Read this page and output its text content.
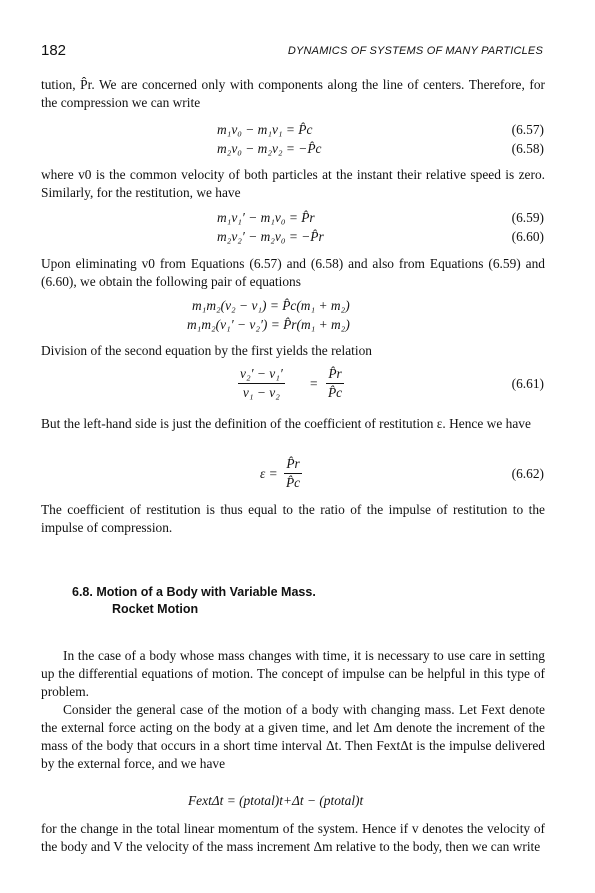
182	DYNAMICS OF SYSTEMS OF MANY PARTICLES
tution, P̂r. We are concerned only with components along the line of centers. Therefore, for the compression we can write
m₁v₀ − m₁v₁ = P̂c	(6.57)
m₂v₀ − m₂v₂ = −P̂c	(6.58)
where v0 is the common velocity of both particles at the instant their relative speed is zero. Similarly, for the restitution, we have
m₁v₁′ − m₁v₀ = P̂r	(6.59)
m₂v₂′ − m₂v₀ = −P̂r	(6.60)
Upon eliminating v0 from Equations (6.57) and (6.58) and also from Equations (6.59) and (6.60), we obtain the following pair of equations
m₁m₂(v₂ − v₁) = P̂c(m₁ + m₂)
m₁m₂(v₁′ − v₂′) = P̂r(m₁ + m₂)
Division of the second equation by the first yields the relation
$\frac{\text{v₂′ − v₁′}}{\text{v₁ − v₂}} = \frac{P̂r}{P̂c}$	(6.61)
But the left-hand side is just the definition of the coefficient of restitution ε. Hence we have
$\varepsilon = \frac{P̂r}{P̂c}$	(6.62)
The coefficient of restitution is thus equal to the ratio of the impulse of restitution to the impulse of compression.
6.8. Motion of a Body with Variable Mass.
Rocket Motion
In the case of a body whose mass changes with time, it is necessary to use care in setting up the differential equations of motion. The concept of impulse can be helpful in this type of problem.
Consider the general case of the motion of a body with changing mass. Let Fext denote the external force acting on the body at a given time, and let Δm denote the increment of the mass of the body that occurs in a short time interval Δt. Then FextΔt is the impulse delivered by the external force, and we have
FextΔt = (ptotal)t+Δt − (ptotal)t
for the change in the total linear momentum of the system. Hence if v denotes the velocity of the body and V the velocity of the mass increment Δm relative to the body, then we can write
